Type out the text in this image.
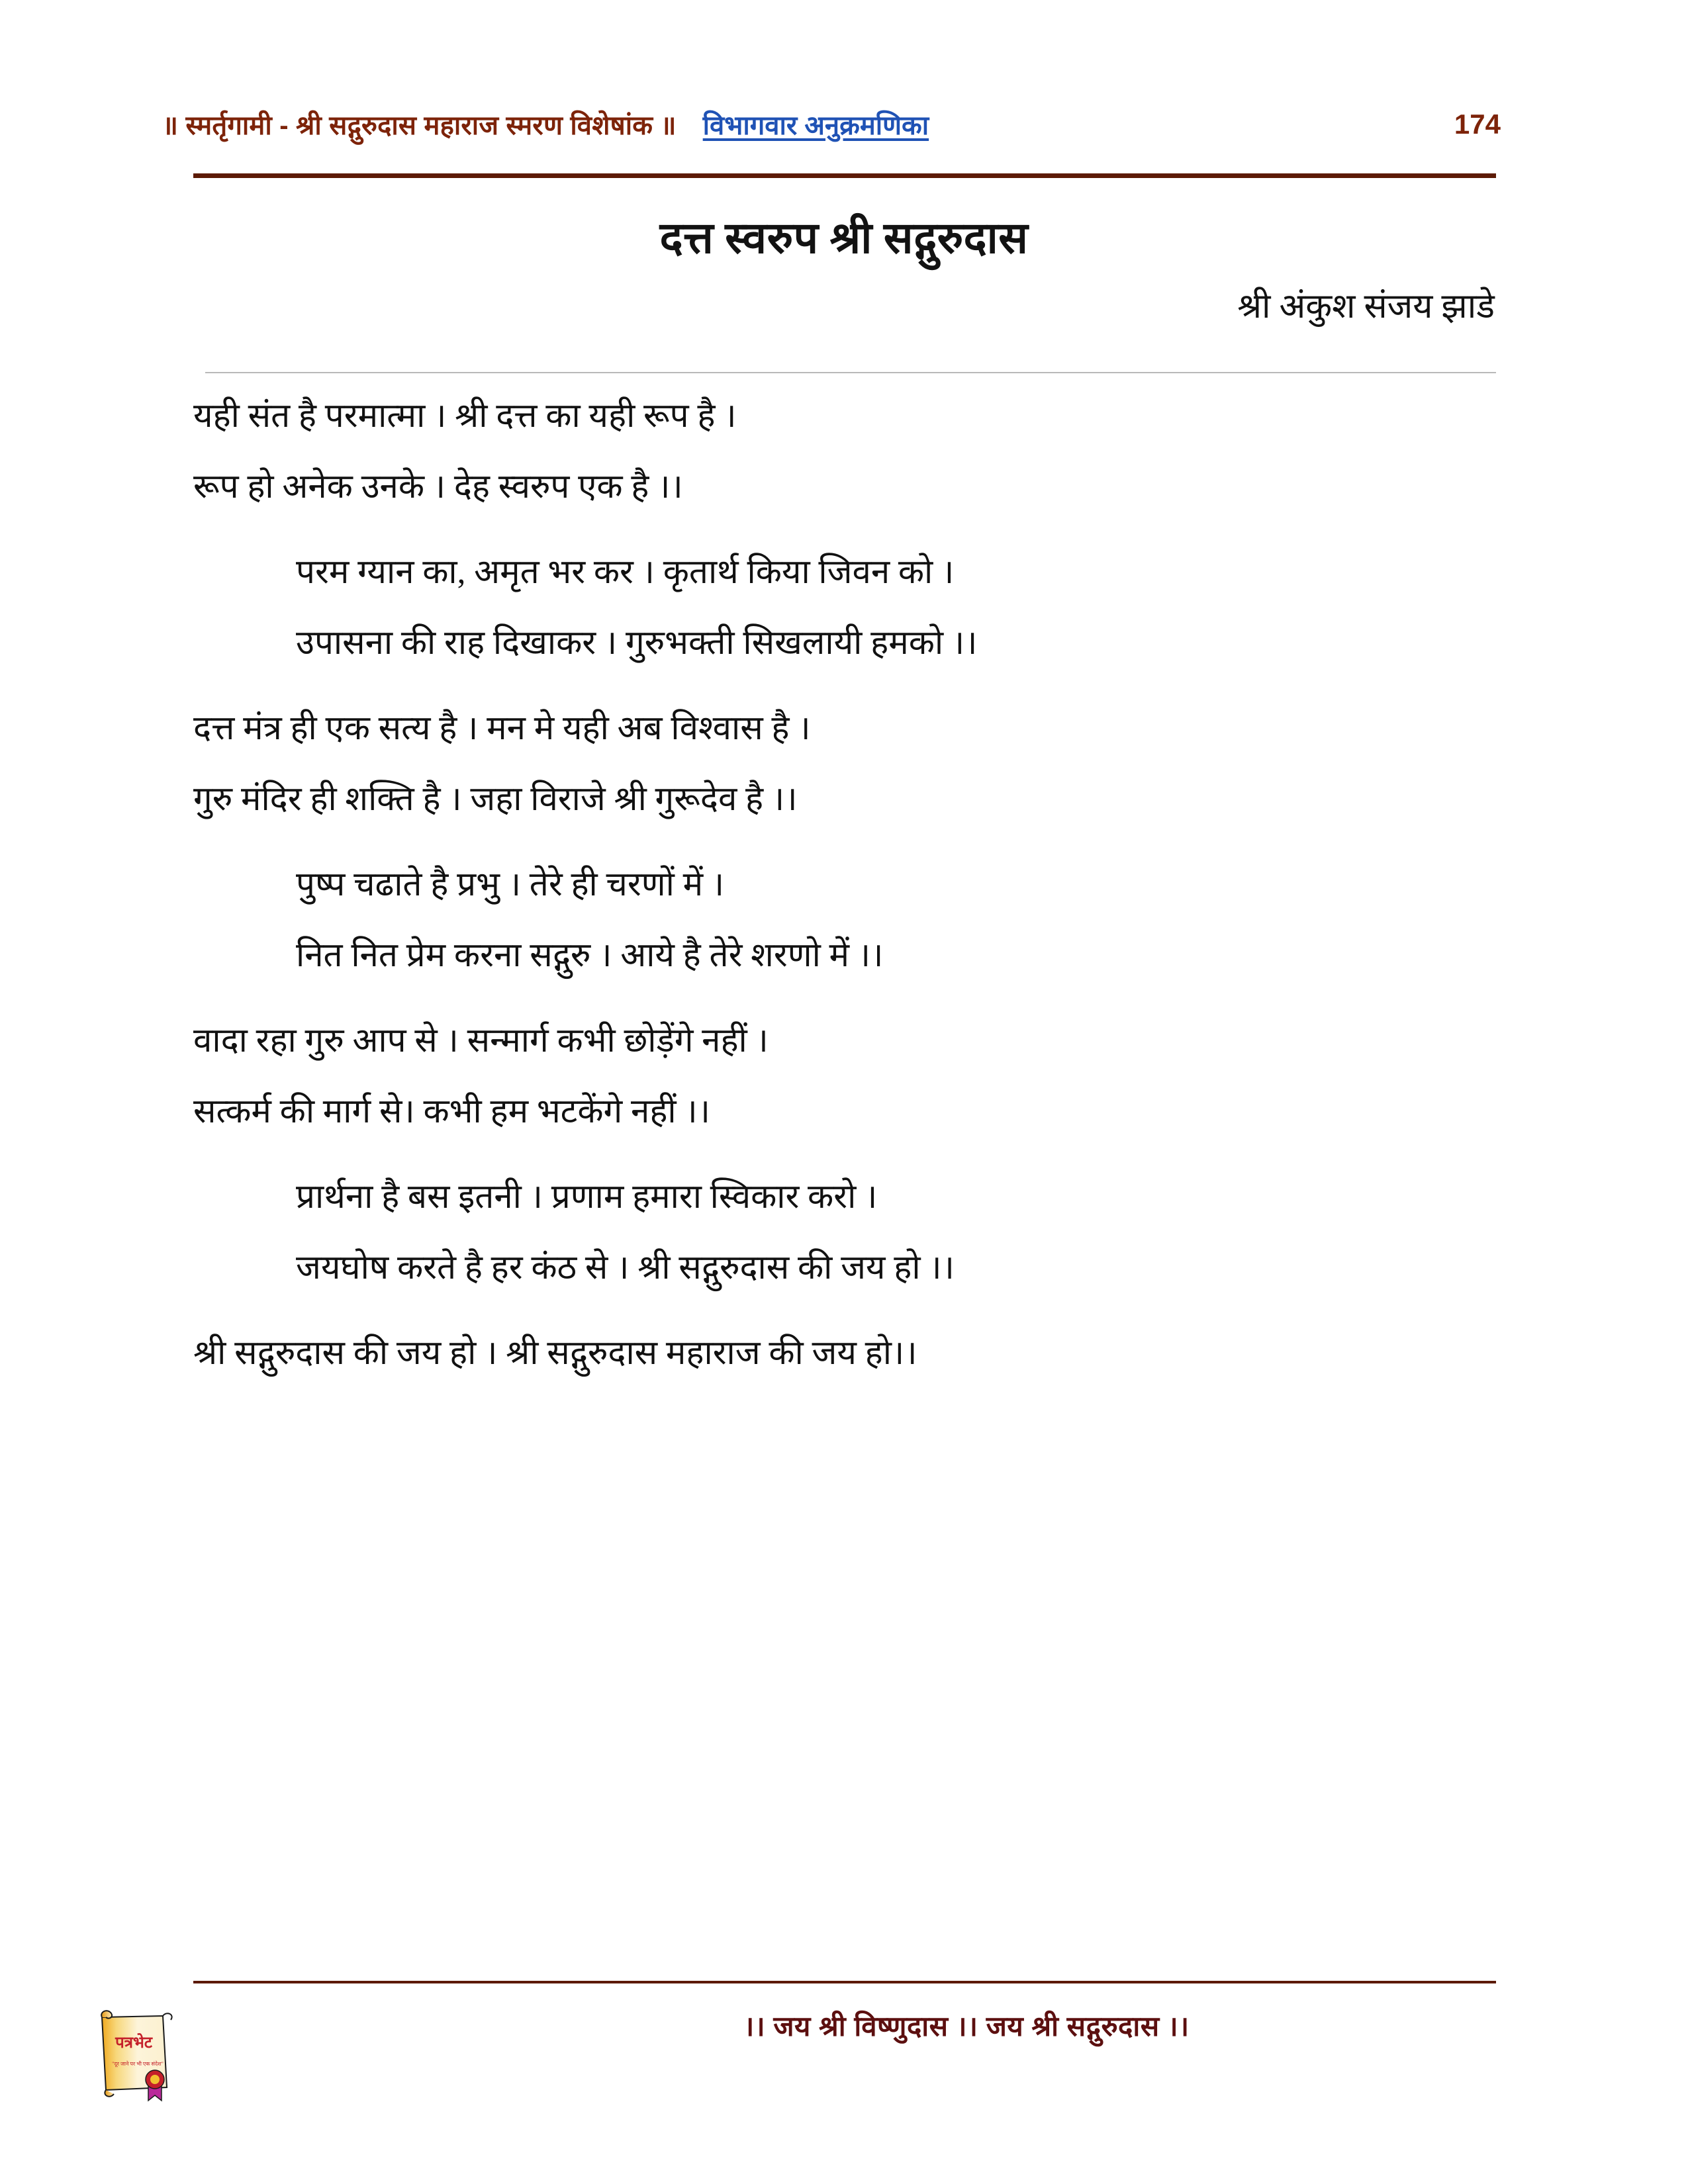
॥ स्मर्तृगामी - श्री सद्गुरुदास महाराज स्मरण विशेषांक ॥ विभागवार अनुक्रमणिका	174
दत्त स्वरुप श्री सद्गुरुदास
श्री अंकुश संजय झाडे

यही संत है परमात्मा । श्री दत्त का यही रूप है ।

रूप हो अनेक उनके । देह स्वरुप एक है ।।

परम ग्यान का, अमृत भर कर । कृतार्थ किया जिवन को ।

उपासना की राह दिखाकर । गुरुभक्ती सिखलायी हमको ।।

दत्त मंत्र ही एक सत्य है । मन मे यही अब विश्वास है ।

गुरु मंदिर ही शक्ति है । जहा विराजे श्री गुरूदेव है ।।

पुष्प चढाते है प्रभु । तेरे ही चरणों में ।

नित नित प्रेम करना सद्गुरु । आये है तेरे शरणो में ।।

वादा रहा गुरु आप से । सन्मार्ग कभी छोड़ेंगे नहीं ।

सत्कर्म की मार्ग से। कभी हम भटकेंगे नहीं ।।

प्रार्थना है बस इतनी । प्रणाम हमारा स्विकार करो ।

जयघोष करते है हर कंठ से । श्री सद्गुरुदास की जय हो ।।

श्री सद्गुरुदास की जय हो । श्री सद्गुरुदास महाराज की जय हो।।

पत्रभेट
"दूर जाने पर भी एक संदेश"
।। जय श्री विष्णुदास ।। जय श्री सद्गुरुदास ।।
